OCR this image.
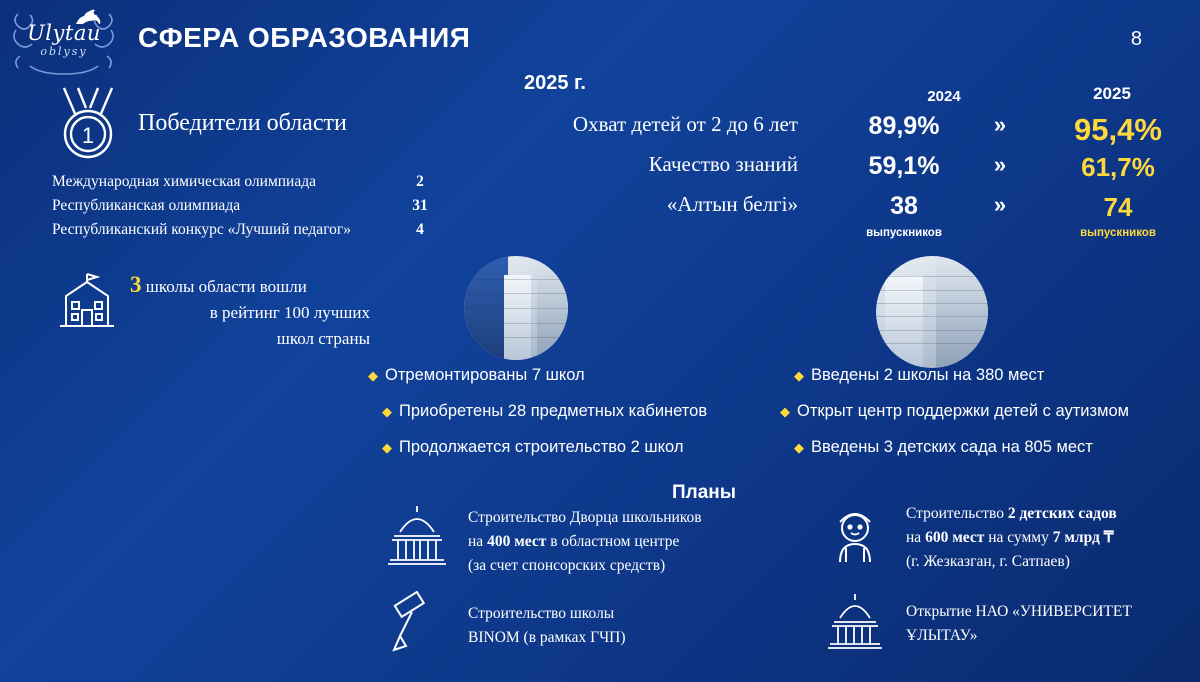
Ulytau
oblysy	СФЕРА ОБРАЗОВАНИЯ	8
1 Победители области
Международная химическая олимпиада	2
Республиканская олимпиада	31
Республиканский конкурс «Лучший педагог»	4
3 школы области вошли
в рейтинг 100 лучших
школ страны
2025 г.
2024	2025
Охват детей от 2 до 6 лет	89,9%	»	95,4%
Качество знаний	59,1%	»	61,7%
«Алтын белгі»	38	»	74
выпускников	выпускников
◆ Отремонтированы 7 школ
◆ Приобретены 28 предметных кабинетов
◆ Продолжается строительство 2 школ
◆ Введены 2 школы на 380 мест
◆ Открыт центр поддержки детей с аутизмом
◆ Введены 3 детских сада на 805 мест
Планы
Строительство Дворца школьников
на 400 мест в областном центре
(за счет спонсорских средств)
Строительство школы
BINOM (в рамках ГЧП)
Строительство 2 детских садов
на 600 мест на сумму 7 млрд ₸
(г. Жезказган, г. Сатпаев)
Открытие НАО «УНИВЕРСИТЕТ
ҰЛЫТАУ»
